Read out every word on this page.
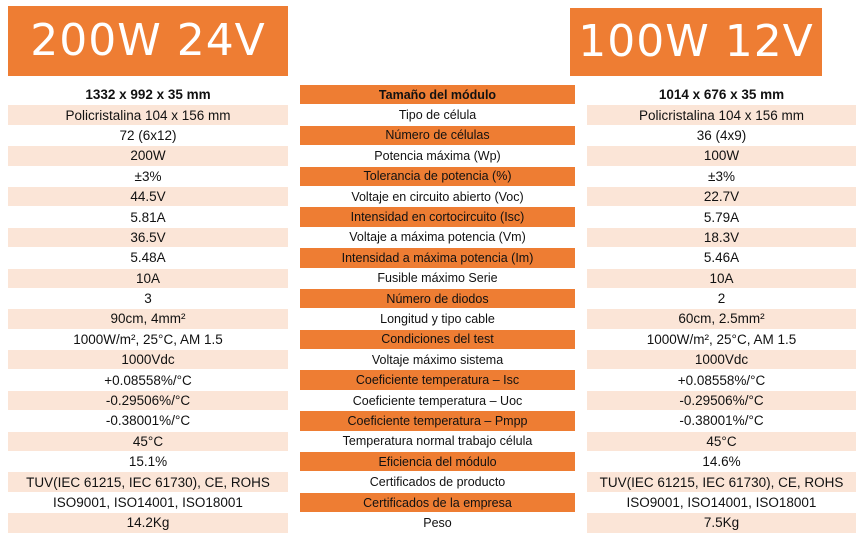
200W 24V	100W 12V
1332 x 992 x 35 mm	Tamaño del módulo	1014 x 676 x 35 mm
Policristalina 104 x 156 mm	Tipo de célula	Policristalina 104 x 156 mm
72 (6x12)	Número de células	36 (4x9)
200W	Potencia máxima (Wp)	100W
±3%	Tolerancia de potencia (%)	±3%
44.5V	Voltaje en circuito abierto (Voc)	22.7V
5.81A	Intensidad en cortocircuito (Isc)	5.79A
36.5V	Voltaje a máxima potencia (Vm)	18.3V
5.48A	Intensidad a máxima potencia (Im)	5.46A
10A	Fusible máximo Serie	10A
3	Número de diodos	2
90cm, 4mm²	Longitud y tipo cable	60cm, 2.5mm²
1000W/m², 25°C, AM 1.5	Condiciones del test	1000W/m², 25°C, AM 1.5
1000Vdc	Voltaje máximo sistema	1000Vdc
+0.08558%/°C	Coeficiente temperatura – Isc	+0.08558%/°C
-0.29506%/°C	Coeficiente temperatura – Uoc	-0.29506%/°C
-0.38001%/°C	Coeficiente temperatura – Pmpp	-0.38001%/°C
45°C	Temperatura normal trabajo célula	45°C
15.1%	Eficiencia del módulo	14.6%
TUV(IEC 61215, IEC 61730), CE, ROHS	Certificados de producto	TUV(IEC 61215, IEC 61730), CE, ROHS
ISO9001, ISO14001, ISO18001	Certificados de la empresa	ISO9001, ISO14001, ISO18001
14.2Kg	Peso	7.5Kg
